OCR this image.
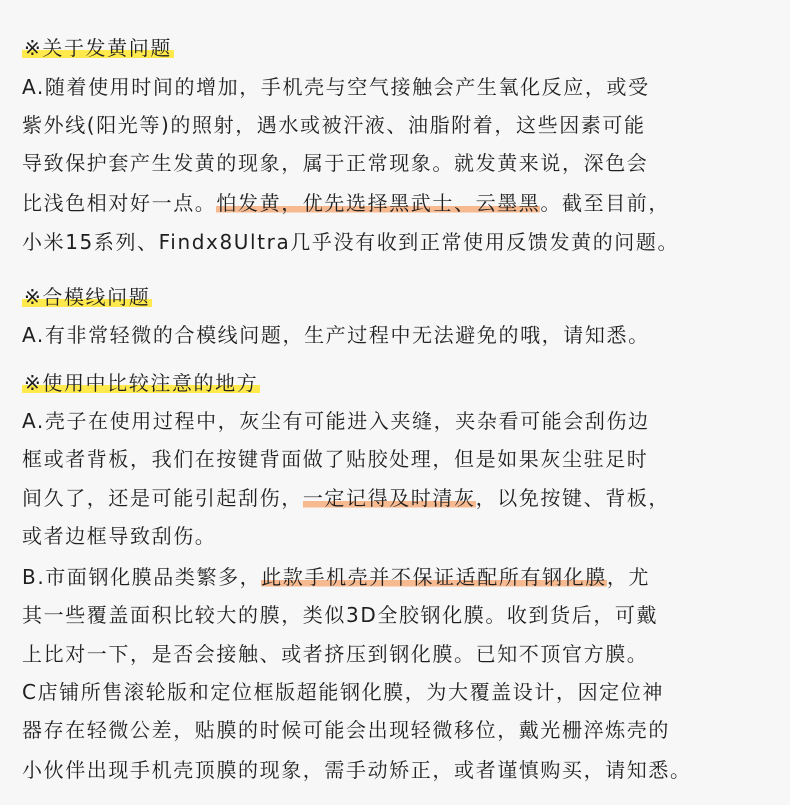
※关于发黄问题
A.随着使用时间的增加，手机壳与空气接触会产生氧化反应，或受
紫外线(阳光等)的照射，遇水或被汗液、油脂附着，这些因素可能
导致保护套产生发黄的现象，属于正常现象。就发黄来说，深色会
比浅色相对好一点。怕发黄，优先选择黑武士、云墨黑。截至目前，
小米15系列、Findx8Ultra几乎没有收到正常使用反馈发黄的问题。
※合模线问题
A.有非常轻微的合模线问题，生产过程中无法避免的哦，请知悉。
※使用中比较注意的地方
A.壳子在使用过程中，灰尘有可能进入夹缝，夹杂看可能会刮伤边
框或者背板，我们在按键背面做了贴胶处理，但是如果灰尘驻足时
间久了，还是可能引起刮伤，一定记得及时清灰，以免按键、背板，
或者边框导致刮伤。
B.市面钢化膜品类繁多，此款手机壳并不保证适配所有钢化膜，尤
其一些覆盖面积比较大的膜，类似3D全胶钢化膜。收到货后，可戴
上比对一下，是否会接触、或者挤压到钢化膜。已知不顶官方膜。
C店铺所售滚轮版和定位框版超能钢化膜，为大覆盖设计，因定位神
器存在轻微公差，贴膜的时候可能会出现轻微移位，戴光栅淬炼壳的
小伙伴出现手机壳顶膜的现象，需手动矫正，或者谨慎购买，请知悉。
